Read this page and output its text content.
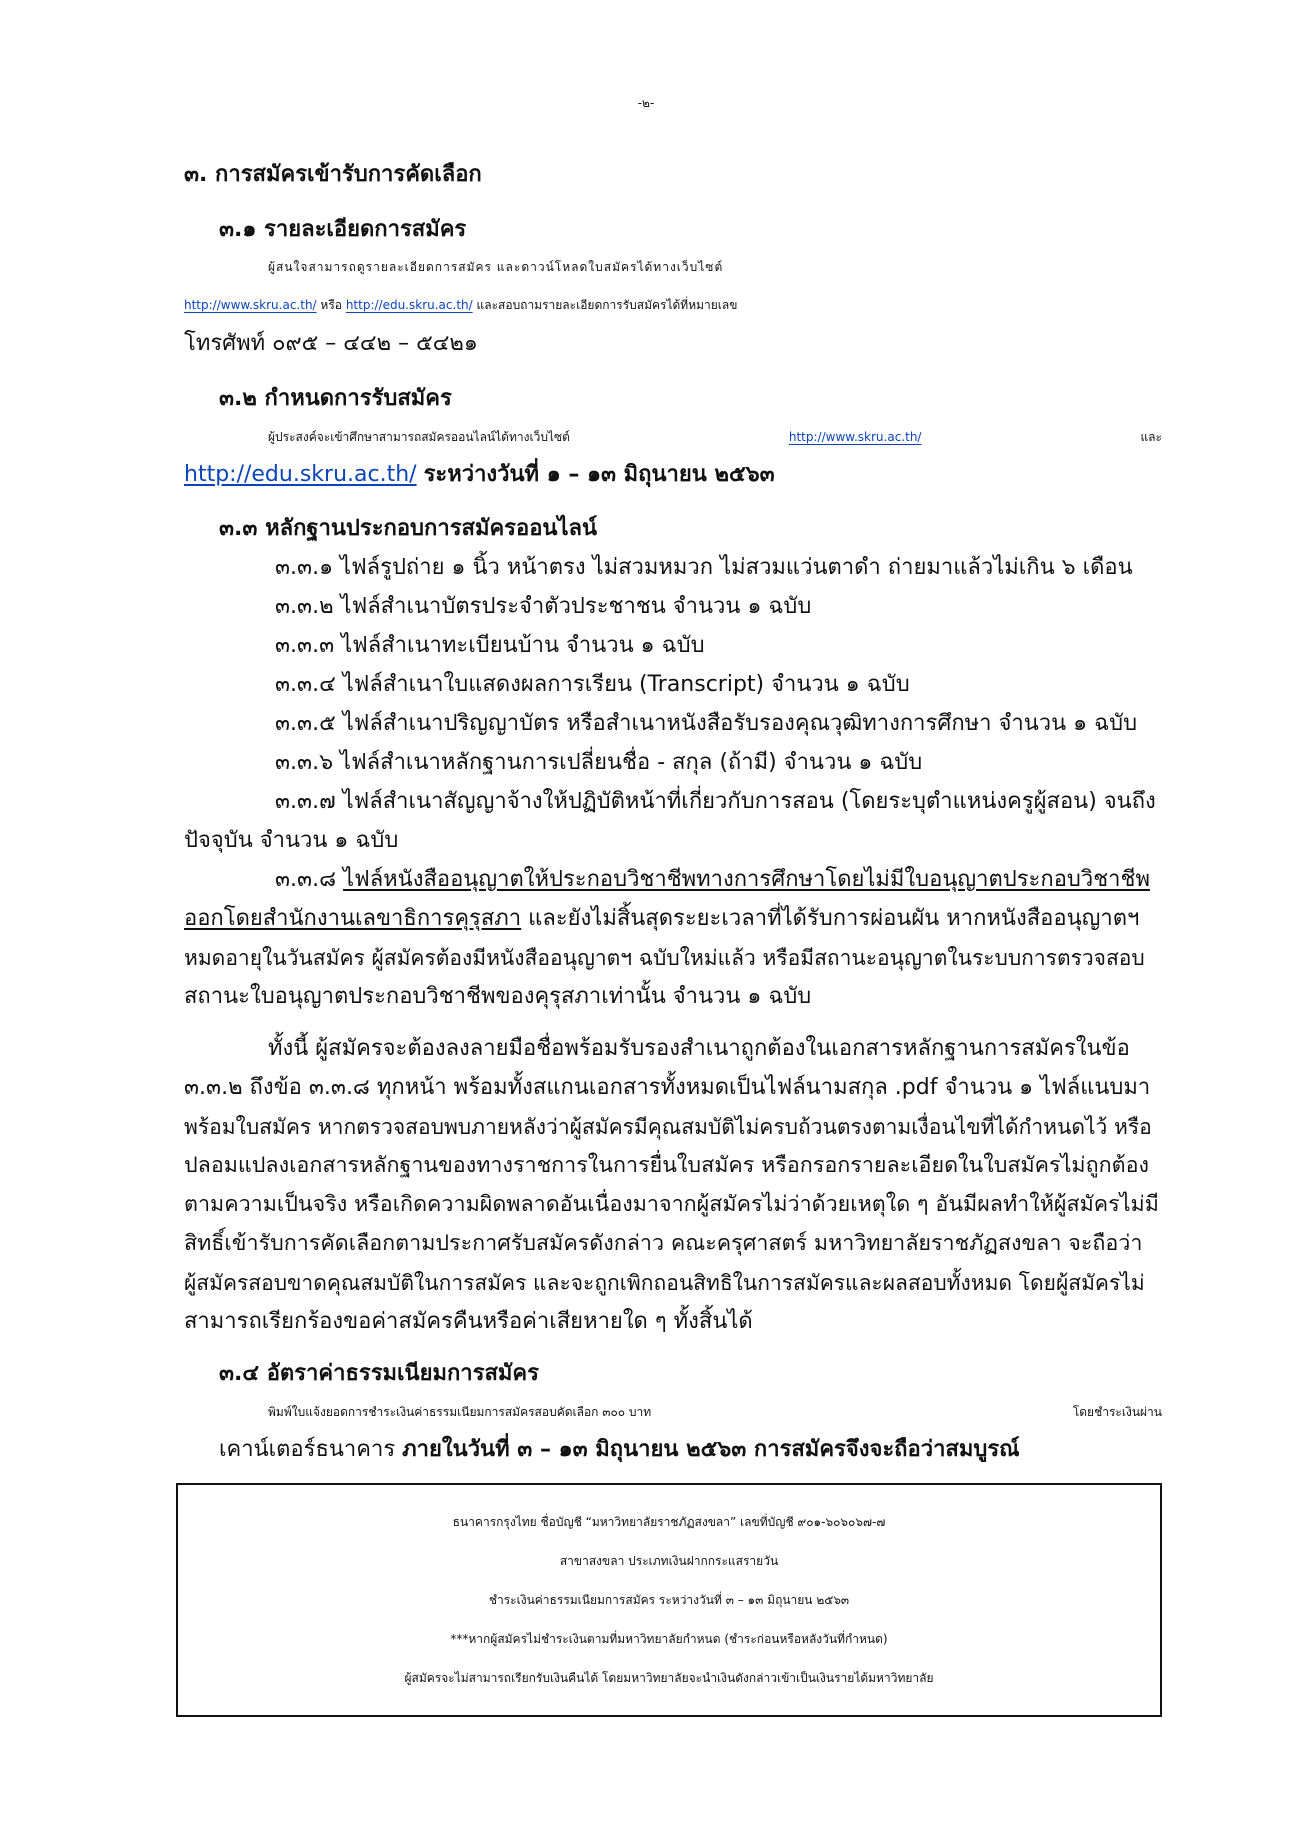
-๒-
๓. การสมัครเข้ารับการคัดเลือก
๓.๑ รายละเอียดการสมัคร
ผู้สนใจสามารถดูรายละเอียดการสมัคร และดาวน์โหลดใบสมัครได้ทางเว็บไซต์
http://www.skru.ac.th/ หรือ http://edu.skru.ac.th/ และสอบถามรายละเอียดการรับสมัครได้ที่หมายเลข
โทรศัพท์ ๐๙๕ – ๔๔๒ – ๕๔๒๑
๓.๒ กำหนดการรับสมัคร
ผู้ประสงค์จะเข้าศึกษาสามารถสมัครออนไลน์ได้ทางเว็บไซต์	http://www.skru.ac.th/	และ
http://edu.skru.ac.th/ ระหว่างวันที่ ๑ – ๑๓ มิถุนายน ๒๕๖๓
๓.๓ หลักฐานประกอบการสมัครออนไลน์
๓.๓.๑ ไฟล์รูปถ่าย ๑ นิ้ว หน้าตรง ไม่สวมหมวก ไม่สวมแว่นตาดำ ถ่ายมาแล้วไม่เกิน ๖ เดือน
๓.๓.๒ ไฟล์สำเนาบัตรประจำตัวประชาชน จำนวน ๑ ฉบับ
๓.๓.๓ ไฟล์สำเนาทะเบียนบ้าน จำนวน ๑ ฉบับ
๓.๓.๔ ไฟล์สำเนาใบแสดงผลการเรียน (Transcript) จำนวน ๑ ฉบับ
๓.๓.๕ ไฟล์สำเนาปริญญาบัตร หรือสำเนาหนังสือรับรองคุณวุฒิทางการศึกษา จำนวน ๑ ฉบับ
๓.๓.๖ ไฟล์สำเนาหลักฐานการเปลี่ยนชื่อ - สกุล (ถ้ามี) จำนวน ๑ ฉบับ
๓.๓.๗ ไฟล์สำเนาสัญญาจ้างให้ปฏิบัติหน้าที่เกี่ยวกับการสอน (โดยระบุตำแหน่งครูผู้สอน) จนถึง
ปัจจุบัน จำนวน ๑ ฉบับ
๓.๓.๘ ไฟล์หนังสืออนุญาตให้ประกอบวิชาชีพทางการศึกษาโดยไม่มีใบอนุญาตประกอบวิชาชีพ
ออกโดยสำนักงานเลขาธิการคุรุสภา และยังไม่สิ้นสุดระยะเวลาที่ได้รับการผ่อนผัน หากหนังสืออนุญาตฯ
หมดอายุในวันสมัคร ผู้สมัครต้องมีหนังสืออนุญาตฯ ฉบับใหม่แล้ว หรือมีสถานะอนุญาตในระบบการตรวจสอบ
สถานะใบอนุญาตประกอบวิชาชีพของคุรุสภาเท่านั้น จำนวน ๑ ฉบับ
ทั้งนี้ ผู้สมัครจะต้องลงลายมือชื่อพร้อมรับรองสำเนาถูกต้องในเอกสารหลักฐานการสมัครในข้อ
๓.๓.๒ ถึงข้อ ๓.๓.๘ ทุกหน้า พร้อมทั้งสแกนเอกสารทั้งหมดเป็นไฟล์นามสกุล .pdf จำนวน ๑ ไฟล์แนบมา
พร้อมใบสมัคร หากตรวจสอบพบภายหลังว่าผู้สมัครมีคุณสมบัติไม่ครบถ้วนตรงตามเงื่อนไขที่ได้กำหนดไว้ หรือ
ปลอมแปลงเอกสารหลักฐานของทางราชการในการยื่นใบสมัคร หรือกรอกรายละเอียดในใบสมัครไม่ถูกต้อง
ตามความเป็นจริง หรือเกิดความผิดพลาดอันเนื่องมาจากผู้สมัครไม่ว่าด้วยเหตุใด ๆ อันมีผลทำให้ผู้สมัครไม่มี
สิทธิ์เข้ารับการคัดเลือกตามประกาศรับสมัครดังกล่าว คณะครุศาสตร์ มหาวิทยาลัยราชภัฏสงขลา จะถือว่า
ผู้สมัครสอบขาดคุณสมบัติในการสมัคร และจะถูกเพิกถอนสิทธิในการสมัครและผลสอบทั้งหมด โดยผู้สมัครไม่
สามารถเรียกร้องขอค่าสมัครคืนหรือค่าเสียหายใด ๆ ทั้งสิ้นได้
๓.๔ อัตราค่าธรรมเนียมการสมัคร
พิมพ์ใบแจ้งยอดการชำระเงินค่าธรรมเนียมการสมัครสอบคัดเลือก ๓๐๐ บาท	โดยชำระเงินผ่าน
เคาน์เตอร์ธนาคาร ภายในวันที่ ๓ – ๑๓ มิถุนายน ๒๕๖๓ การสมัครจึงจะถือว่าสมบูรณ์
ธนาคารกรุงไทย ชื่อบัญชี “มหาวิทยาลัยราชภัฏสงขลา” เลขที่บัญชี ๙๐๑-๖๐๖๐๖๗-๗
สาขาสงขลา ประเภทเงินฝากกระแสรายวัน
ชำระเงินค่าธรรมเนียมการสมัคร ระหว่างวันที่ ๓ – ๑๓ มิถุนายน ๒๕๖๓
***หากผู้สมัครไม่ชำระเงินตามที่มหาวิทยาลัยกำหนด (ชำระก่อนหรือหลังวันที่กำหนด)
ผู้สมัครจะไม่สามารถเรียกรับเงินคืนได้ โดยมหาวิทยาลัยจะนำเงินดังกล่าวเข้าเป็นเงินรายได้มหาวิทยาลัย
